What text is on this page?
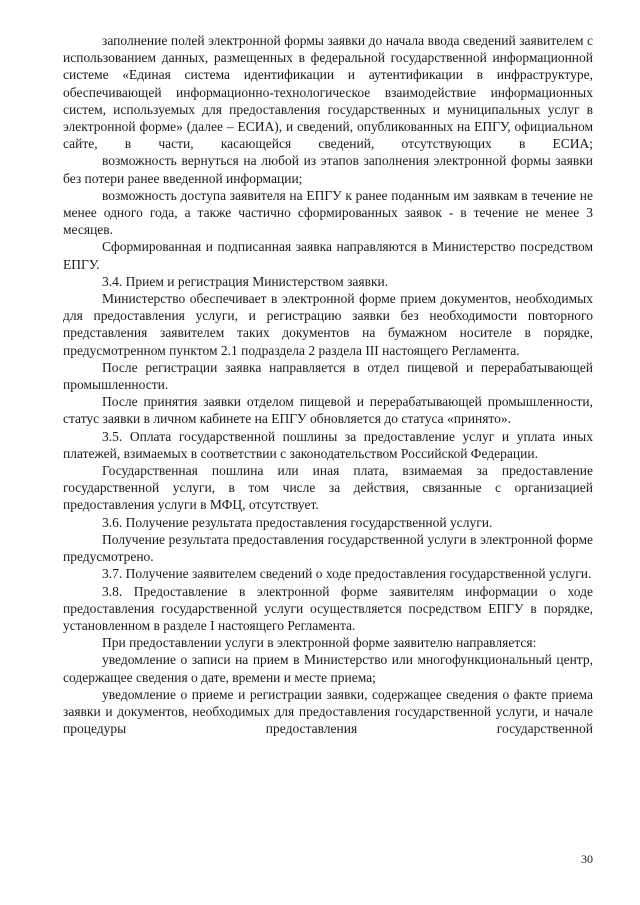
заполнение полей электронной формы заявки до начала ввода сведений заявителем с использованием данных, размещенных в федеральной государственной информационной системе «Единая система идентификации и аутентификации в инфраструктуре, обеспечивающей информационно-технологическое взаимодействие информационных систем, используемых для предоставления государственных и муниципальных услуг в электронной форме» (далее – ЕСИА), и сведений, опубликованных на ЕПГУ, официальном сайте, в части, касающейся сведений, отсутствующих в ЕСИА;

возможность вернуться на любой из этапов заполнения электронной формы заявки без потери ранее введенной информации;

возможность доступа заявителя на ЕПГУ к ранее поданным им заявкам в течение не менее одного года, а также частично сформированных заявок - в течение не менее 3 месяцев.

Сформированная и подписанная заявка направляются в Министерство посредством ЕПГУ.

3.4. Прием и регистрация Министерством заявки.

Министерство обеспечивает в электронной форме прием документов, необходимых для предоставления услуги, и регистрацию заявки без необходимости повторного представления заявителем таких документов на бумажном носителе в порядке, предусмотренном пунктом 2.1 подраздела 2 раздела III настоящего Регламента.

После регистрации заявка направляется в отдел пищевой и перерабатывающей промышленности.

После принятия заявки отделом пищевой и перерабатывающей промышленности, статус заявки в личном кабинете на ЕПГУ обновляется до статуса «принято».

3.5. Оплата государственной пошлины за предоставление услуг и уплата иных платежей, взимаемых в соответствии с законодательством Российской Федерации.

Государственная пошлина или иная плата, взимаемая за предоставление государственной услуги, в том числе за действия, связанные с организацией предоставления услуги в МФЦ, отсутствует.

3.6. Получение результата предоставления государственной услуги.

Получение результата предоставления государственной услуги в электронной форме предусмотрено.

3.7. Получение заявителем сведений о ходе предоставления государственной услуги.

3.8. Предоставление в электронной форме заявителям информации о ходе предоставления государственной услуги осуществляется посредством ЕПГУ в порядке, установленном в разделе I настоящего Регламента.

При предоставлении услуги в электронной форме заявителю направляется:

уведомление о записи на прием в Министерство или многофункциональный центр, содержащее сведения о дате, времени и месте приема;

уведомление о приеме и регистрации заявки, содержащее сведения о факте приема заявки и документов, необходимых для предоставления государственной услуги, и начале процедуры предоставления государственной

30
